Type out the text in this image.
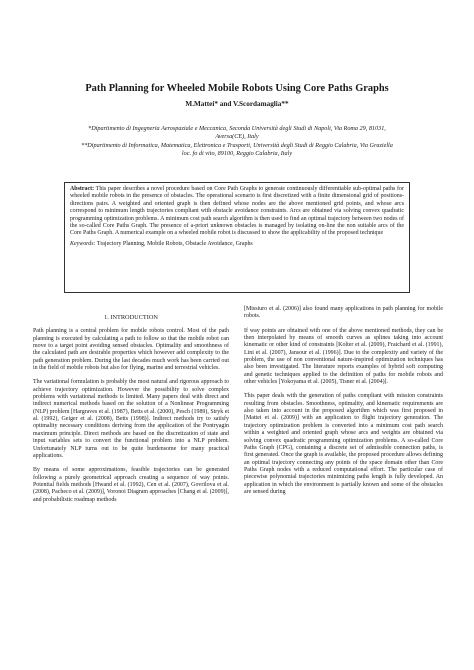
Path Planning for Wheeled Mobile Robots Using Core Paths Graphs
M.Mattei* and V.Scordamaglia**
*Dipartimento di Ingegneria Aerospaziale e Meccanica, Seconda Università degli Studi di Napoli, Via Roma 29, 81031,
Aversa(CE), Italy
**Dipartimento di Informatica, Matematica, Elettronica e Trasporti, Università degli Studi di Reggio Calabria, Via Graziella
loc. fo di vito, 89100, Reggio Calabria, Italy
Abstract: This paper describes a novel procedure based on Core Path Graphs to generate continuously differentiable sub-optimal paths for wheeled mobile robots in the presence of obstacles. The operational scenario is first discretized with a finite dimensional grid of positions-directions pairs. A weighted and oriented graph is then defined whose nodes are the above mentioned grid points, and whose arcs correspond to minimum length trajectories compliant with obstacle avoidance constraints. Arcs are obtained via solving convex quadratic programming optimization problems. A minimum cost path search algorithm is then used to find an optimal trajectory between two nodes of the so-called Core Paths Graph. The presence of a-priori unknown obstacles is managed by isolating on-line the non suitable arcs of the Core Paths Graph. A numerical example on a wheeled mobile robot is discussed to show the applicability of the proposed technique
Keywords: Trajectory Planning, Mobile Robots, Obstacle Avoidance, Graphs
1. INTRODUCTION

Path planning is a central problem for mobile robots control. Most of the path planning is executed by calculating a path to follow so that the mobile robot can move to a target point avoiding sensed obstacles. Optimality and smoothness of the calculated path are desirable properties which however add complexity to the path generation problem. During the last decades much work has been carried out in the field of mobile robots but also for flying, marine and terrestrial vehicles.

The variational formulation is probably the most natural and rigorous approach to achieve trajectory optimization. However the possibility to solve complex problems with variational methods is limited. Many papers deal with direct and indirect numerical methods based on the solution of a Nonlinear Programming (NLP) problem [Hargraves et al. (1987), Betts et al. (2000), Pesch (1989), Stryk et al. (1992), Geiger et al. (2008), Betts (1998)]. Indirect methods try to satisfy optimality necessary conditions deriving from the application of the Pontryagin maximum principle. Direct methods are based on the discretization of state and input variables sets to convert the functional problem into a NLP problem. Unfortunately NLP turns out to be quite burdensome for many practical applications.

By means of some approximations, feasible trajectories can be generated following a purely geometrical approach creating a sequence of way points. Potential fields methods [Hwand et al. (1992), Cen et al. (2007), Govrilova et al. (2008), Pacheco et al. (2009)], Voronoi Diagram approaches [Chang et al. (2009)], and probabilistic roadmap methods

[Missiuro et al. (2006)] also found many applications in path planning for mobile robots.

If way points are obtained with one of the above mentioned methods, they can be then interpolated by means of smooth curves as splines taking into account kinematic or other kind of constraints [Kolter et al. (2009), Fraichard et al. (1991), Lini et al. (2007), Jansour et al. (1996)]. Due to the complexity and variety of the problem, the use of non conventional nature-inspired optimization techniques has also been investigated. The literature reports examples of hybrid soft computing and genetic techniques applied to the definition of paths for mobile robots and other vehicles [Yokoyama et al. (2005), Tisner et al. (2004)].

This paper deals with the generation of paths compliant with mission constraints resulting from obstacles. Smoothness, optimality, and kinematic requirements are also taken into account in the proposed algorithm which was first proposed in [Mattei et al. (2009)] with an application to flight trajectory generation. The trajectory optimization problem is converted into a minimum cost path search within a weighted and oriented graph whose arcs and weights are obtained via solving convex quadratic programming optimization problems. A so-called Core Paths Graph (CPG), containing a discrete set of admissible connection paths, is first generated. Once the graph is available, the proposed procedure allows defining an optimal trajectory connecting any points of the space domain other than Core Paths Graph nodes with a reduced computational effort. The particular case of piecewise polynomial trajectories minimizing paths length is fully developed. An application in which the environment is partially known and some of the obstacles are sensed during
